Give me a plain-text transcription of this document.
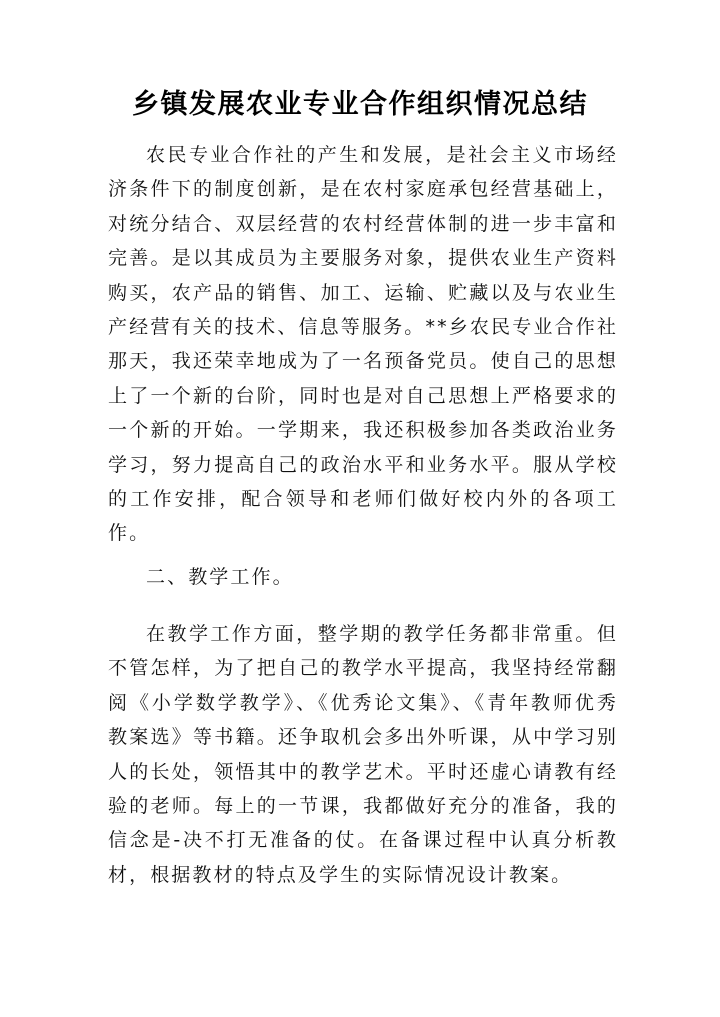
乡镇发展农业专业合作组织情况总结

农民专业合作社的产生和发展，是社会主义市场经济条件下的制度创新，是在农村家庭承包经营基础上，对统分结合、双层经营的农村经营体制的进一步丰富和完善。是以其成员为主要服务对象，提供农业生产资料购买，农产品的销售、加工、运输、贮藏以及与农业生产经营有关的技术、信息等服务。**乡农民专业合作社那天，我还荣幸地成为了一名预备党员。使自己的思想上了一个新的台阶，同时也是对自己思想上严格要求的一个新的开始。一学期来，我还积极参加各类政治业务学习，努力提高自己的政治水平和业务水平。服从学校的工作安排，配合领导和老师们做好校内外的各项工作。

二、教学工作。

在教学工作方面，整学期的教学任务都非常重。但不管怎样，为了把自己的教学水平提高，我坚持经常翻阅《小学数学教学》、《优秀论文集》、《青年教师优秀教案选》等书籍。还争取机会多出外听课，从中学习别人的长处，领悟其中的教学艺术。平时还虚心请教有经验的老师。每上的一节课，我都做好充分的准备，我的信念是-决不打无准备的仗。在备课过程中认真分析教材，根据教材的特点及学生的实际情况设计教案。
